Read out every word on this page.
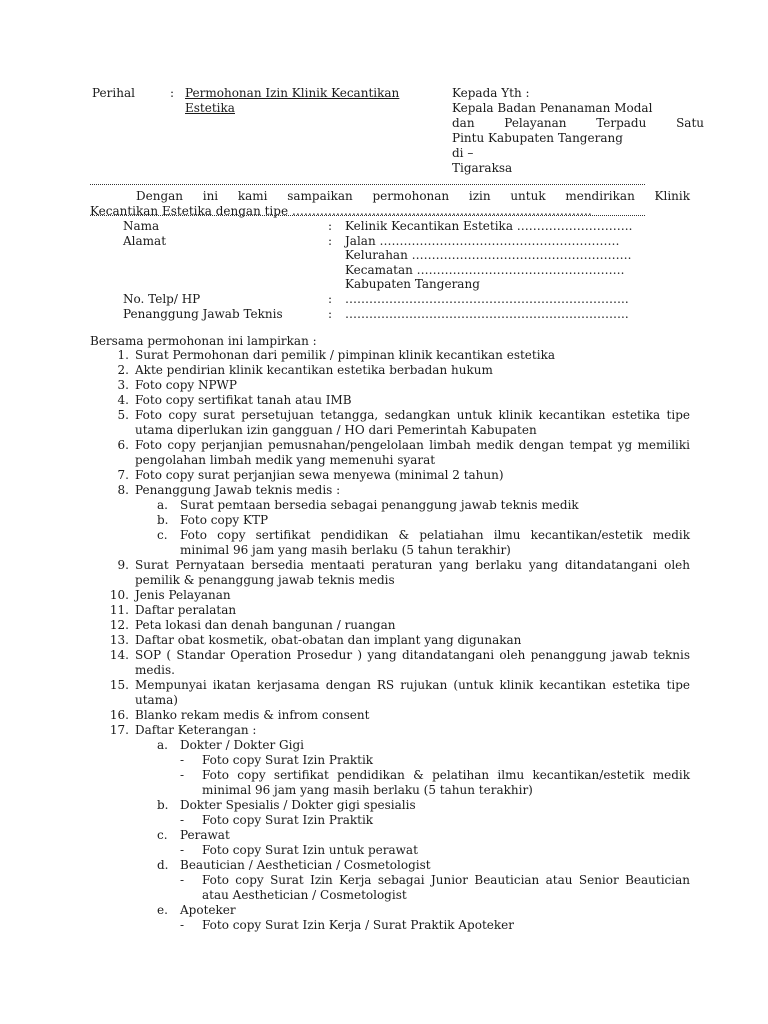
Perihal	: Permohonan Izin Klinik Kecantikan
Estetika
Kepada Yth :
Kepala Badan Penanaman Modal
dan Pelayanan Terpadu Satu
Pintu Kabupaten Tangerang
di –
Tigaraksa
Dengan ini kami sampaikan permohonan izin untuk mendirikan Klinik
Kecantikan Estetika dengan tipe …………………………………………………………………
Nama	: Kelinik Kecantikan Estetika ………………………..
Alamat	: Jalan ……………………………………………………
Kelurahan ……………………………………………….
Kecamatan …………………………………………….
Kabupaten Tangerang
No. Telp/ HP	: ……………………………………………………………..
Penanggung Jawab Teknis	: ……………………………………………………………..
Bersama permohonan ini lampirkan :
1. Surat Permohonan dari pemilik / pimpinan klinik kecantikan estetika
2. Akte pendirian klinik kecantikan estetika berbadan hukum
3. Foto copy NPWP
4. Foto copy sertifikat tanah atau IMB
5. Foto copy surat persetujuan tetangga, sedangkan untuk klinik kecantikan estetika tipe utama diperlukan izin gangguan / HO dari Pemerintah Kabupaten
6. Foto copy perjanjian pemusnahan/pengelolaan limbah medik dengan tempat yg memiliki pengolahan limbah medik yang memenuhi syarat
7. Foto copy surat perjanjian sewa menyewa (minimal 2 tahun)
8. Penanggung Jawab teknis medis :
a. Surat pemtaan bersedia sebagai penanggung jawab teknis medik
b. Foto copy KTP
c. Foto copy sertifikat pendidikan & pelatiahan ilmu kecantikan/estetik medik minimal 96 jam yang masih berlaku (5 tahun terakhir)
9. Surat Pernyataan bersedia mentaati peraturan yang berlaku yang ditandatangani oleh pemilik & penanggung jawab teknis medis
10. Jenis Pelayanan
11. Daftar peralatan
12. Peta lokasi dan denah bangunan / ruangan
13. Daftar obat kosmetik, obat-obatan dan implant yang digunakan
14. SOP ( Standar Operation Prosedur ) yang ditandatangani oleh penanggung jawab teknis medis.
15. Mempunyai ikatan kerjasama dengan RS rujukan (untuk klinik kecantikan estetika tipe utama)
16. Blanko rekam medis & infrom consent
17. Daftar Keterangan :
a. Dokter / Dokter Gigi
- Foto copy Surat Izin Praktik
- Foto copy sertifikat pendidikan & pelatihan ilmu kecantikan/estetik medik minimal 96 jam yang masih berlaku (5 tahun terakhir)
b. Dokter Spesialis / Dokter gigi spesialis
- Foto copy Surat Izin Praktik
c. Perawat
- Foto copy Surat Izin untuk perawat
d. Beautician / Aesthetician / Cosmetologist
- Foto copy Surat Izin Kerja sebagai Junior Beautician atau Senior Beautician atau Aesthetician / Cosmetologist
e. Apoteker
- Foto copy Surat Izin Kerja / Surat Praktik Apoteker
